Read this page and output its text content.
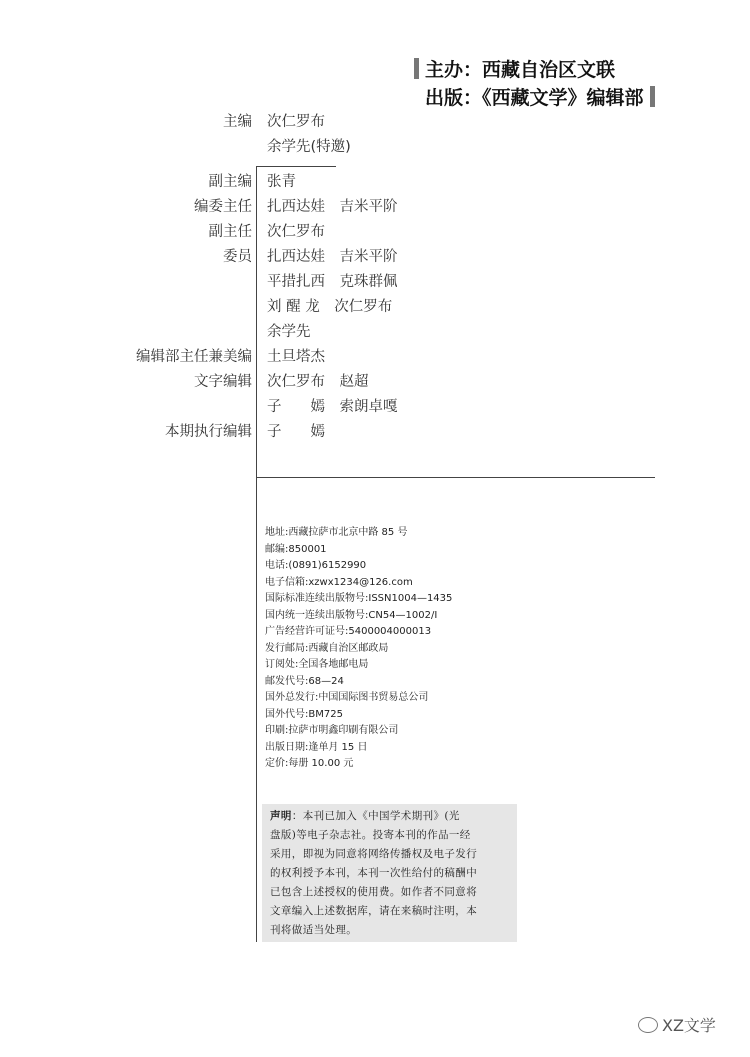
主办：西藏自治区文联
出版：《西藏文学》编辑部
主编 次仁罗布
余学先(特邀)
副主编 张青
编委主任 扎西达娃　吉米平阶
副主任 次仁罗布
委员 扎西达娃　吉米平阶
平措扎西　克珠群佩
刘 醒 龙　次仁罗布
余学先
编辑部主任兼美编 土旦塔杰
文字编辑 次仁罗布　赵超
子　　嫣　索朗卓嘎
本期执行编辑 子　　嫣
地址:西藏拉萨市北京中路 85 号
邮编:850001
电话:(0891)6152990
电子信箱:xzwx1234@126.com
国际标准连续出版物号:ISSN1004—1435
国内统一连续出版物号:CN54—1002/I
广告经营许可证号:5400004000013
发行邮局:西藏自治区邮政局
订阅处:全国各地邮电局
邮发代号:68—24
国外总发行:中国国际图书贸易总公司
国外代号:BM725
印刷:拉萨市明鑫印刷有限公司
出版日期:逢单月 15 日
定价:每册 10.00 元
声明：本刊已加入《中国学术期刊》(光
盘版)等电子杂志社。投寄本刊的作品一经
采用，即视为同意将网络传播权及电子发行
的权利授予本刊，本刊一次性给付的稿酬中
已包含上述授权的使用费。如作者不同意将
文章编入上述数据库，请在来稿时注明，本
刊将做适当处理。
XZ文学
